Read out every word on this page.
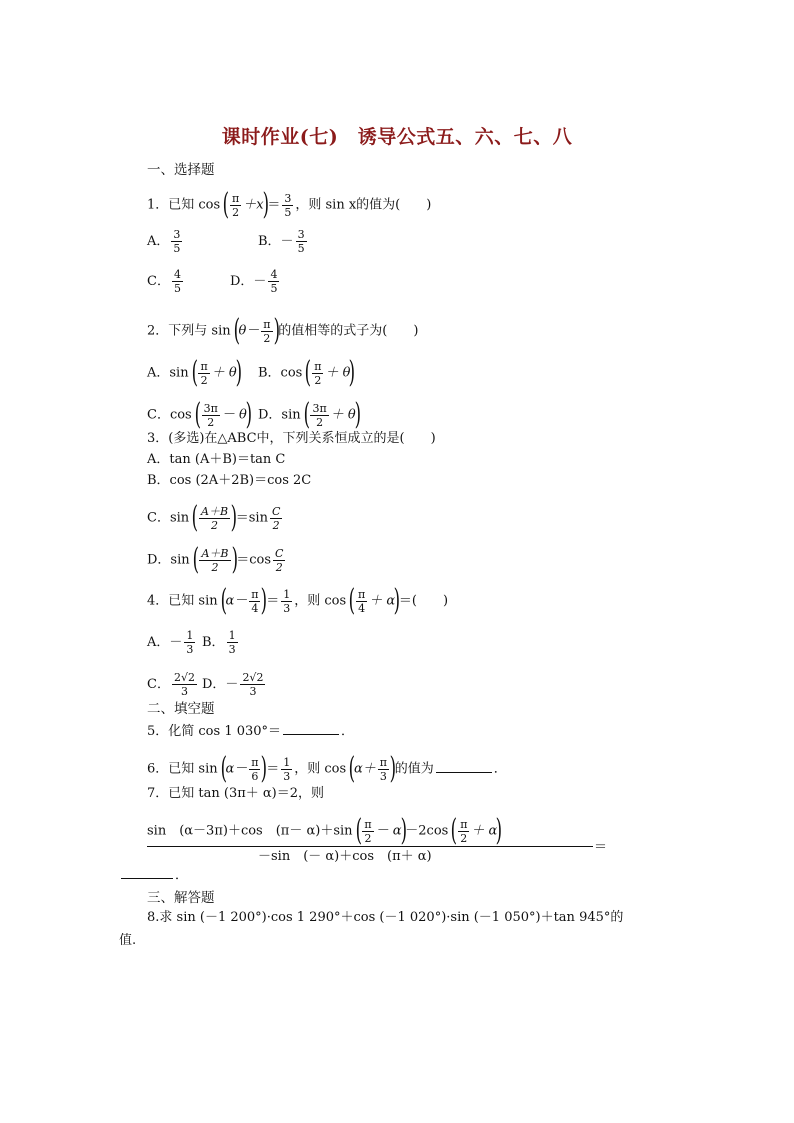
课时作业(七)　诱导公式五、六、七、八
一、选择题
1．已知 cos ( $\frac{\pi}{2} +x)= \frac{3}{5}$ ，则 sin x的值为(　　)
A． $\frac{3}{5}$	B．－ $\frac{3}{5}$
C． $\frac{4}{5}$	D．－ $\frac{4}{5}$
2．下列与 $\sin (\theta- \frac{\pi}{2}$ )的值相等的式子为(　　)
A．sin ( $\frac{\pi}{2} + \theta$) B．cos ( $\frac{\pi}{2} + \theta$)
C．cos ( $\frac{3\pi}{2} - \theta$) D．sin ( $\frac{3\pi}{2} + \theta$)
3．(多选)在△ABC中，下列关系恒成立的是(　　)
A．tan (A＋B)＝tan C
B．cos (2A＋2B)＝cos 2C
C．sin ( $\frac{A+B}{2} )=\sin \frac{C}{2}$
D．sin ( $\frac{A+B}{2} )=\cos \frac{C}{2}$
4．已知 $\sin (\alpha- \frac{\pi}{4}$ )＝ $\frac{1}{3}$ ，则 cos ( $\frac{\pi}{4} + \alpha)=$(　　)
A．－ $\frac{1}{3}$ B． $\frac{1}{3}$
C． $\frac{2√2}{3}$ D．－ $\frac{2√2}{3}$
二、填空题
5．化简 cos 1 030°＝	．
6．已知 $\sin (\alpha- \frac{\pi}{6}$ )＝ $\frac{1}{3}$ ，则 $\cos (\alpha+ \frac{\pi}{3}$ )的值为	．
7．已知 tan (3π＋ α)＝2，则
sin　(α－3π)＋cos　(π－ α)＋sin ( $\frac{\pi}{2} - \alpha)-2\cos$ ( $\frac{\pi}{2} + \alpha$)	＝
－sin　(－ α)＋cos　(π＋ α)
．
三、解答题
8.求 sin (－1 200°)·cos 1 290°＋cos (－1 020°)·sin (－1 050°)＋tan 945°的
值.
